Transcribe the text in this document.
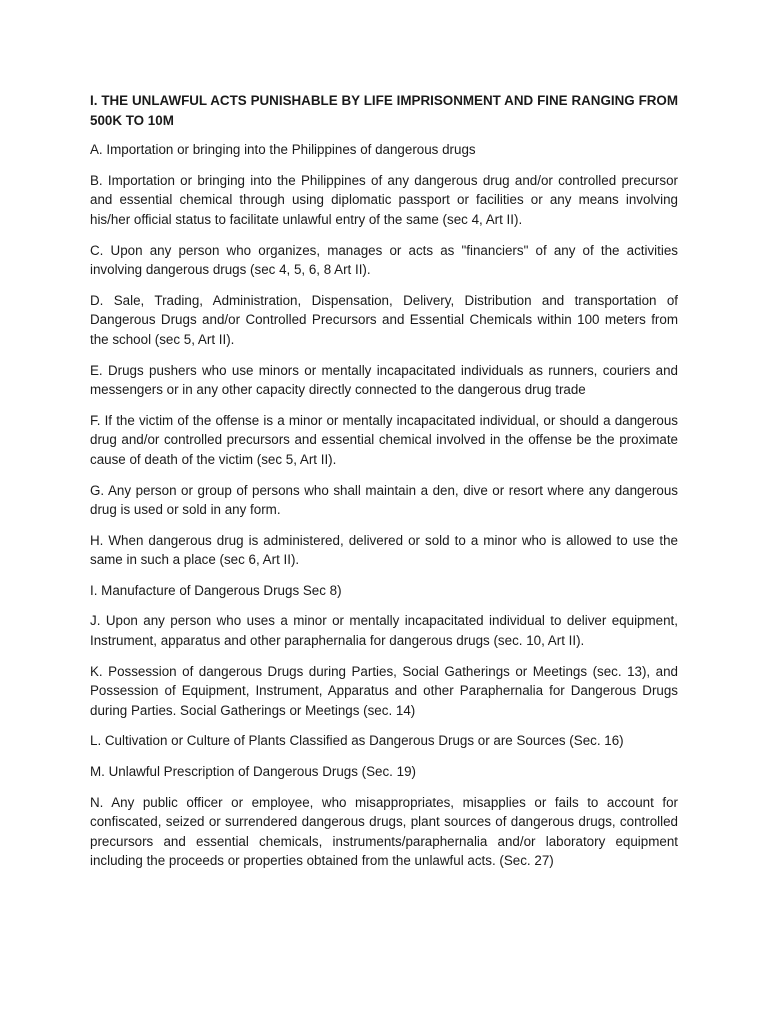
I. THE UNLAWFUL ACTS PUNISHABLE BY LIFE IMPRISONMENT AND FINE RANGING FROM 500K TO 10M

A. Importation or bringing into the Philippines of dangerous drugs

B. Importation or bringing into the Philippines of any dangerous drug and/or controlled precursor and essential chemical through using diplomatic passport or facilities or any means involving his/her official status to facilitate unlawful entry of the same (sec 4, Art II).

C. Upon any person who organizes, manages or acts as "financiers" of any of the activities involving dangerous drugs (sec 4, 5, 6, 8 Art II).

D. Sale, Trading, Administration, Dispensation, Delivery, Distribution and transportation of Dangerous Drugs and/or Controlled Precursors and Essential Chemicals within 100 meters from the school (sec 5, Art II).

E. Drugs pushers who use minors or mentally incapacitated individuals as runners, couriers and messengers or in any other capacity directly connected to the dangerous drug trade

F. If the victim of the offense is a minor or mentally incapacitated individual, or should a dangerous drug and/or controlled precursors and essential chemical involved in the offense be the proximate cause of death of the victim (sec 5, Art II).

G. Any person or group of persons who shall maintain a den, dive or resort where any dangerous drug is used or sold in any form.

H. When dangerous drug is administered, delivered or sold to a minor who is allowed to use the same in such a place (sec 6, Art II).

I. Manufacture of Dangerous Drugs Sec 8)

J. Upon any person who uses a minor or mentally incapacitated individual to deliver equipment, Instrument, apparatus and other paraphernalia for dangerous drugs (sec. 10, Art II).

K. Possession of dangerous Drugs during Parties, Social Gatherings or Meetings (sec. 13), and Possession of Equipment, Instrument, Apparatus and other Paraphernalia for Dangerous Drugs during Parties. Social Gatherings or Meetings (sec. 14)

L. Cultivation or Culture of Plants Classified as Dangerous Drugs or are Sources (Sec. 16)

M. Unlawful Prescription of Dangerous Drugs (Sec. 19)

N. Any public officer or employee, who misappropriates, misapplies or fails to account for confiscated, seized or surrendered dangerous drugs, plant sources of dangerous drugs, controlled precursors and essential chemicals, instruments/paraphernalia and/or laboratory equipment including the proceeds or properties obtained from the unlawful acts. (Sec. 27)
